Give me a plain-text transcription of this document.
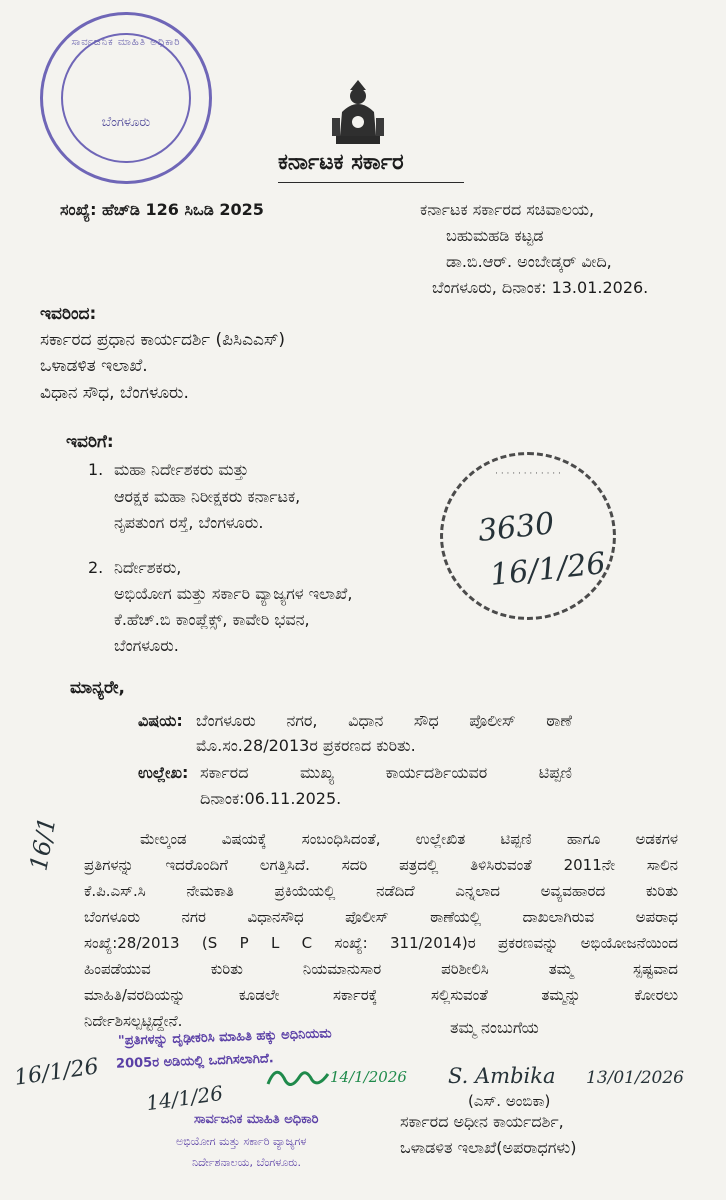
ಸಾರ್ವಜನಿಕ ಮಾಹಿತಿ ಅಧಿಕಾರಿ
ಬೆಂಗಳೂರು
ಕರ್ನಾಟಕ ಸರ್ಕಾರ
ಸಂಖ್ಯೆ: ಹೆಚ್‌ಡಿ 126 ಸಿಒಡಿ 2025	ಕರ್ನಾಟಕ ಸರ್ಕಾರದ ಸಚಿವಾಲಯ,
ಬಹುಮಹಡಿ ಕಟ್ಟಡ
ಡಾ.ಬಿ.ಆರ್. ಅಂಬೇಡ್ಕರ್ ವೀದಿ,
ಬೆಂಗಳೂರು, ದಿನಾಂಕ: 13.01.2026.
ಇವರಿಂದ:
ಸರ್ಕಾರದ ಪ್ರಧಾನ ಕಾರ್ಯದರ್ಶಿ (ಪಿಸಿಎಎಸ್)
ಒಳಾಡಳಿತ ಇಲಾಖೆ.
ವಿಧಾನ ಸೌಧ, ಬೆಂಗಳೂರು.
ಇವರಿಗೆ:
1. ಮಹಾ ನಿರ್ದೇಶಕರು ಮತ್ತು
ಆರಕ್ಷಕ ಮಹಾ ನಿರೀಕ್ಷಕರು ಕರ್ನಾಟಕ,
ನೃಪತುಂಗ ರಸ್ತೆ, ಬೆಂಗಳೂರು.
2. ನಿರ್ದೇಶಕರು,
ಅಭಿಯೋಗ ಮತ್ತು ಸರ್ಕಾರಿ ವ್ಯಾಜ್ಯಗಳ ಇಲಾಖೆ,
ಕೆ.ಹೆಚ್.ಬಿ ಕಾಂಪ್ಲೆಕ್ಸ್, ಕಾವೇರಿ ಭವನ,
ಬೆಂಗಳೂರು.
· · · · · · · · · · · ·
3630
16/1/26
ಮಾನ್ಯರೇ,
ವಿಷಯ: ಬೆಂಗಳೂರು ನಗರ, ವಿಧಾನ ಸೌಧ ಪೊಲೀಸ್ ಠಾಣೆ
ಮೊ.ಸಂ.28/2013ರ ಪ್ರಕರಣದ ಕುರಿತು.
ಉಲ್ಲೇಖ: ಸರ್ಕಾರದ ಮುಖ್ಯ ಕಾರ್ಯದರ್ಶಿಯವರ ಟಿಪ್ಪಣಿ
ದಿನಾಂಕ:06.11.2025.
16/1	ಮೇಲ್ಕಂಡ ವಿಷಯಕ್ಕೆ ಸಂಬಂಧಿಸಿದಂತೆ, ಉಲ್ಲೇಖಿತ ಟಿಪ್ಪಣಿ ಹಾಗೂ ಅಡಕಗಳ
ಪ್ರತಿಗಳನ್ನು ಇದರೊಂದಿಗೆ ಲಗತ್ತಿಸಿದೆ. ಸದರಿ ಪತ್ರದಲ್ಲಿ ತಿಳಿಸಿರುವಂತೆ 2011ನೇ ಸಾಲಿನ
ಕೆ.ಪಿ.ಎಸ್.ಸಿ ನೇಮಕಾತಿ ಪ್ರಕಿಯೆಯಲ್ಲಿ ನಡೆದಿದೆ ಎನ್ನಲಾದ ಅವ್ಯವಹಾರದ ಕುರಿತು
ಬೆಂಗಳೂರು ನಗರ ವಿಧಾನಸೌಧ ಪೊಲೀಸ್ ಠಾಣೆಯಲ್ಲಿ ದಾಖಲಾಗಿರುವ ಅಪರಾಧ
ಸಂಖ್ಯೆ:28/2013 (S P L C ಸಂಖ್ಯೆ: 311/2014)ರ ಪ್ರಕರಣವನ್ನು ಅಭಿಯೋಜನೆಯಿಂದ
ಹಿಂಪಡೆಯುವ ಕುರಿತು ನಿಯಮಾನುಸಾರ ಪರಿಶೀಲಿಸಿ ತಮ್ಮ ಸ್ಪಷ್ಟವಾದ
ಮಾಹಿತಿ/ವರದಿಯನ್ನು ಕೂಡಲೇ ಸರ್ಕಾರಕ್ಕೆ ಸಲ್ಲಿಸುವಂತೆ ತಮ್ಮನ್ನು ಕೋರಲು
ನಿರ್ದೇಶಿಸಲ್ಪಟ್ಟಿದ್ದೇನೆ.	ತಮ್ಮ ನಂಬುಗೆಯ
"ಪ್ರತಿಗಳನ್ನು ದೃಢೀಕರಿಸಿ ಮಾಹಿತಿ ಹಕ್ಕು ಅಧಿನಿಯಮ
2005ರ ಅಡಿಯಲ್ಲಿ ಒದಗಿಸಲಾಗಿದೆ.
16/1/26
14/1/26
14/1/2026 S. Ambika 13/01/2026
(ಎಸ್. ಅಂಬಿಕಾ)
ಸರ್ಕಾರದ ಅಧೀನ ಕಾರ್ಯದರ್ಶಿ,
ಒಳಾಡಳಿತ ಇಲಾಖೆ(ಅಪರಾಧಗಳು)
ಸಾರ್ವಜನಿಕ ಮಾಹಿತಿ ಅಧಿಕಾರಿ
ಅಭಿಯೋಗ ಮತ್ತು ಸರ್ಕಾರಿ ವ್ಯಾಜ್ಯಗಳ
ನಿರ್ದೇಶನಾಲಯ, ಬೆಂಗಳೂರು.
